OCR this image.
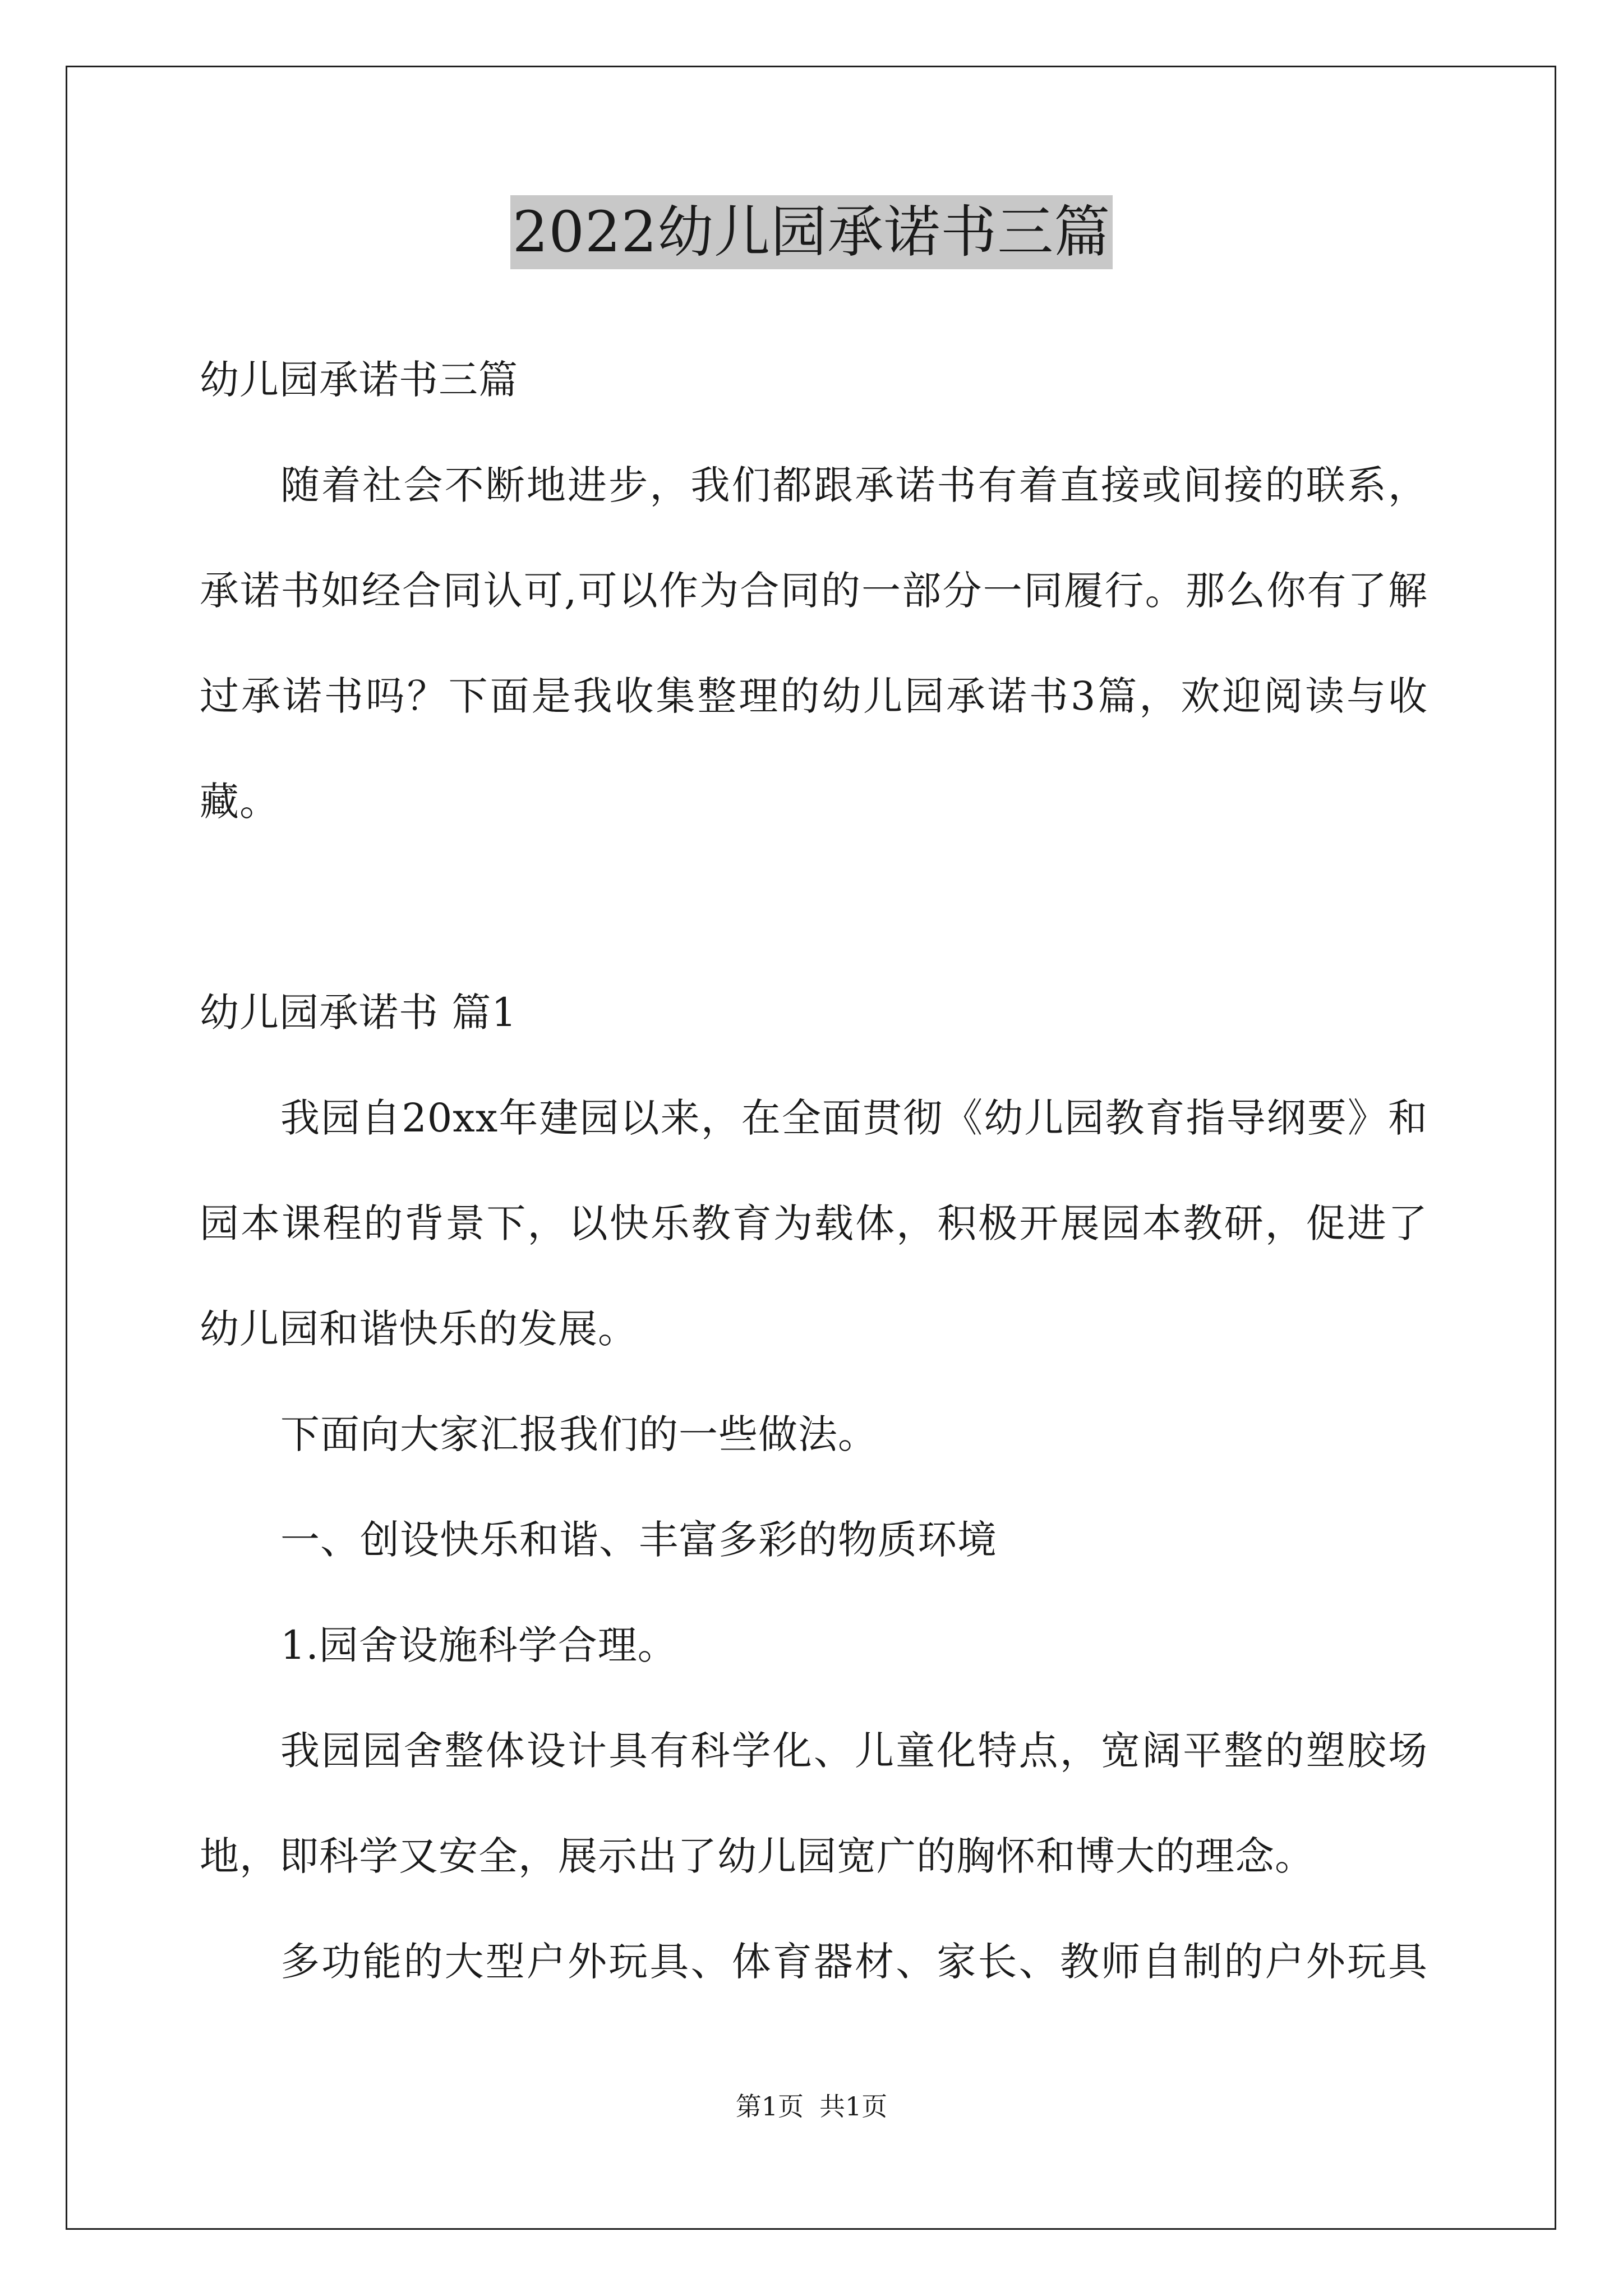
2022幼儿园承诺书三篇
幼儿园承诺书三篇
随着社会不断地进步，我们都跟承诺书有着直接或间接的联系，
承诺书如经合同认可,可以作为合同的一部分一同履行。那么你有了解
过承诺书吗？下面是我收集整理的幼儿园承诺书3篇，欢迎阅读与收
藏。
幼儿园承诺书 篇1
我园自20xx年建园以来，在全面贯彻《幼儿园教育指导纲要》和
园本课程的背景下，以快乐教育为载体，积极开展园本教研，促进了
幼儿园和谐快乐的发展。
下面向大家汇报我们的一些做法。
一、创设快乐和谐、丰富多彩的物质环境
1.园舍设施科学合理。
我园园舍整体设计具有科学化、儿童化特点，宽阔平整的塑胶场
地，即科学又安全，展示出了幼儿园宽广的胸怀和博大的理念。
多功能的大型户外玩具、体育器材、家长、教师自制的户外玩具
第1页 共1页
